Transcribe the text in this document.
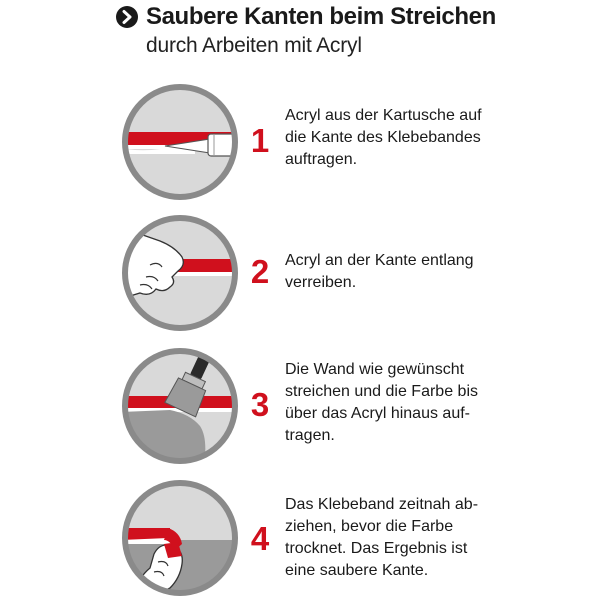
Saubere Kanten beim Streichen
durch Arbeiten mit Acryl
1
Acryl aus der Kartusche auf
die Kante des Klebebandes
auftragen.
2 Acryl an der Kante entlang
verreiben.
3
Die Wand wie gewünscht
streichen und die Farbe bis
über das Acryl hinaus auf-
tragen.
4
Das Klebeband zeitnah ab-
ziehen, bevor die Farbe
trocknet. Das Ergebnis ist
eine saubere Kante.
